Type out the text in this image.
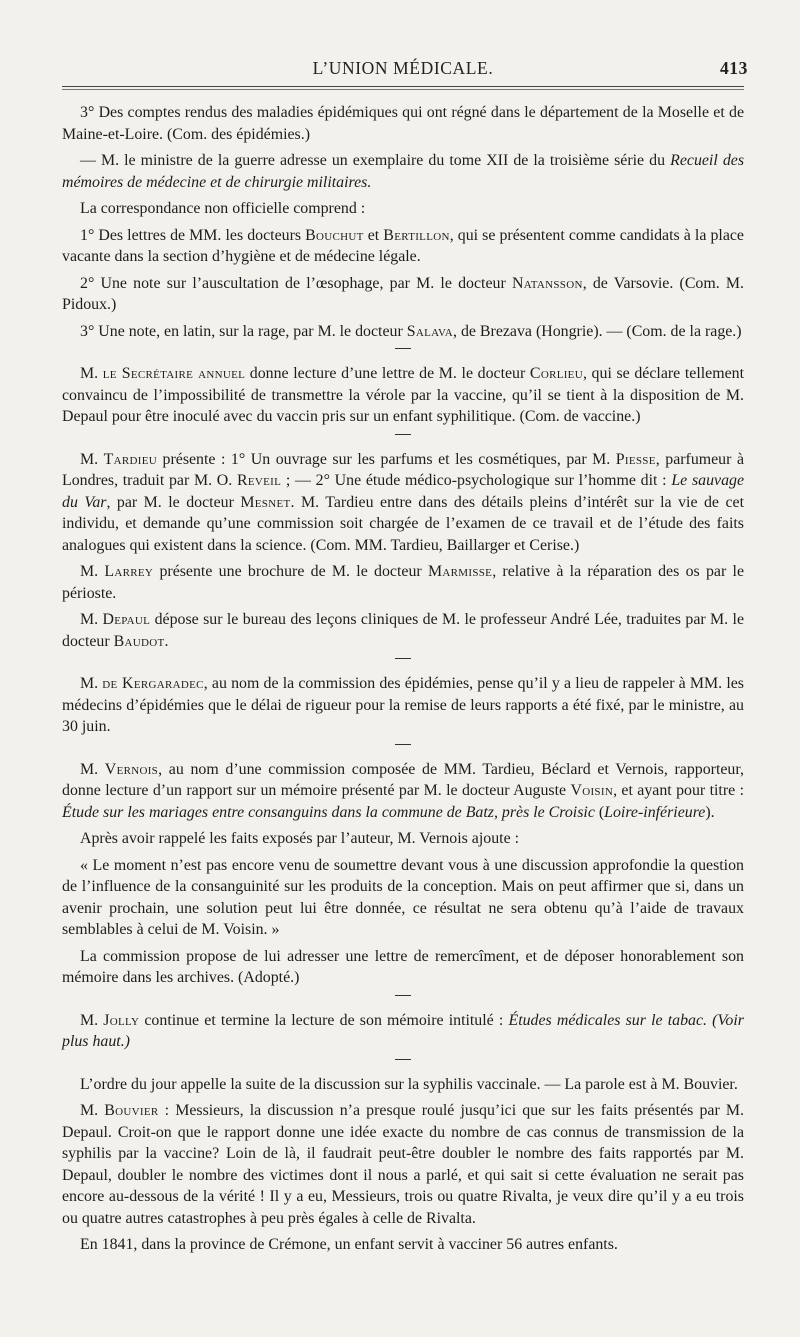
L’UNION MÉDICALE.	413

3° Des comptes rendus des maladies épidémiques qui ont régné dans le département de la Moselle et de Maine-et-Loire. (Com. des épidémies.)

— M. le ministre de la guerre adresse un exemplaire du tome XII de la troisième série du Recueil des mémoires de médecine et de chirurgie militaires.

La correspondance non officielle comprend :

1° Des lettres de MM. les docteurs Bouchut et Bertillon, qui se présentent comme candidats à la place vacante dans la section d’hygiène et de médecine légale.

2° Une note sur l’auscultation de l’œsophage, par M. le docteur Natansson, de Varsovie. (Com. M. Pidoux.)

3° Une note, en latin, sur la rage, par M. le docteur Salava, de Brezava (Hongrie). — (Com. de la rage.)

M. le Secrétaire annuel donne lecture d’une lettre de M. le docteur Corlieu, qui se déclare tellement convaincu de l’impossibilité de transmettre la vérole par la vaccine, qu’il se tient à la disposition de M. Depaul pour être inoculé avec du vaccin pris sur un enfant syphilitique. (Com. de vaccine.)

M. Tardieu présente : 1° Un ouvrage sur les parfums et les cosmétiques, par M. Piesse, parfumeur à Londres, traduit par M. O. Reveil ; — 2° Une étude médico-psychologique sur l’homme dit : Le sauvage du Var, par M. le docteur Mesnet. M. Tardieu entre dans des détails pleins d’intérêt sur la vie de cet individu, et demande qu’une commission soit chargée de l’examen de ce travail et de l’étude des faits analogues qui existent dans la science. (Com. MM. Tardieu, Baillarger et Cerise.)

M. Larrey présente une brochure de M. le docteur Marmisse, relative à la réparation des os par le périoste.

M. Depaul dépose sur le bureau des leçons cliniques de M. le professeur André Lée, traduites par M. le docteur Baudot.

M. de Kergaradec, au nom de la commission des épidémies, pense qu’il y a lieu de rappeler à MM. les médecins d’épidémies que le délai de rigueur pour la remise de leurs rapports a été fixé, par le ministre, au 30 juin.

M. Vernois, au nom d’une commission composée de MM. Tardieu, Béclard et Vernois, rapporteur, donne lecture d’un rapport sur un mémoire présenté par M. le docteur Auguste Voisin, et ayant pour titre : Étude sur les mariages entre consanguins dans la commune de Batz, près le Croisic (Loire-inférieure).

Après avoir rappelé les faits exposés par l’auteur, M. Vernois ajoute :

« Le moment n’est pas encore venu de soumettre devant vous à une discussion approfondie la question de l’influence de la consanguinité sur les produits de la conception. Mais on peut affirmer que si, dans un avenir prochain, une solution peut lui être donnée, ce résultat ne sera obtenu qu’à l’aide de travaux semblables à celui de M. Voisin. »

La commission propose de lui adresser une lettre de remercîment, et de déposer honorablement son mémoire dans les archives. (Adopté.)

M. Jolly continue et termine la lecture de son mémoire intitulé : Études médicales sur le tabac. (Voir plus haut.)

L’ordre du jour appelle la suite de la discussion sur la syphilis vaccinale. — La parole est à M. Bouvier.

M. Bouvier : Messieurs, la discussion n’a presque roulé jusqu’ici que sur les faits présentés par M. Depaul. Croit-on que le rapport donne une idée exacte du nombre de cas connus de transmission de la syphilis par la vaccine? Loin de là, il faudrait peut-être doubler le nombre des faits rapportés par M. Depaul, doubler le nombre des victimes dont il nous a parlé, et qui sait si cette évaluation ne serait pas encore au-dessous de la vérité ! Il y a eu, Messieurs, trois ou quatre Rivalta, je veux dire qu’il y a eu trois ou quatre autres catastrophes à peu près égales à celle de Rivalta.

En 1841, dans la province de Crémone, un enfant servit à vacciner 56 autres enfants.
